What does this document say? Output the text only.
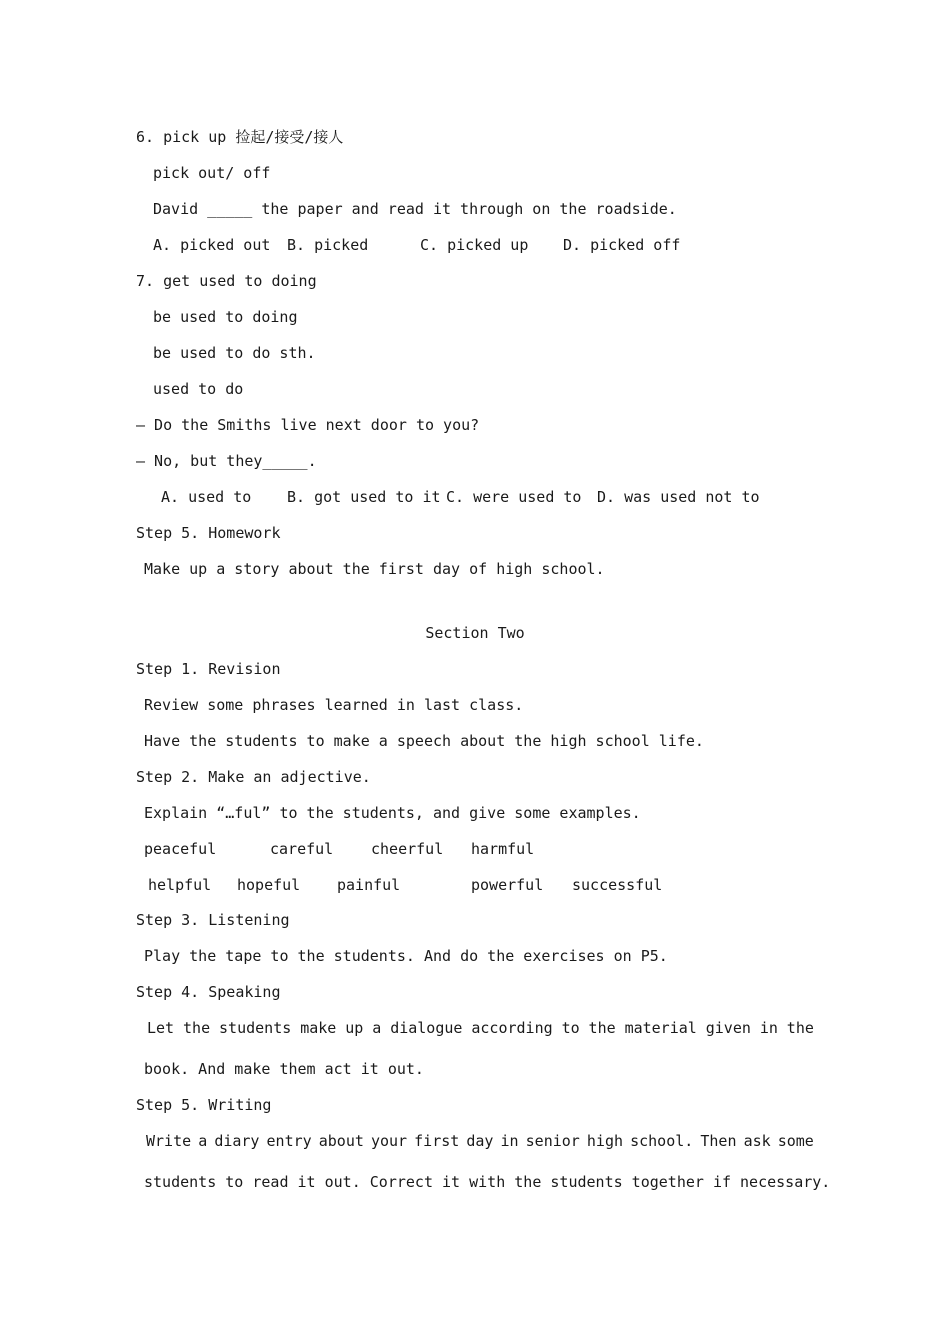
6. pick up 捡起/接受/接人
pick out/ off
David _____ the paper and read it through on the roadside.
A. picked out B. picked	C. picked up D. picked off
7. get used to doing
be used to doing
be used to do sth.
used to do
— Do the Smiths live next door to you?
— No, but they_____.
A. used to B. got used to it C. were used to D. was used not to
Step 5. Homework
Make up a story about the first day of high school.
Section Two
Step 1. Revision
Review some phrases learned in last class.
Have the students to make a speech about the high school life.
Step 2. Make an adjective.
Explain “…ful” to the students, and give some examples.
peaceful	careful	cheerful harmful
helpful hopeful painful	powerful successful
Step 3. Listening
Play the tape to the students. And do the exercises on P5.
Step 4. Speaking
Let the students make up a dialogue according to the material given in the
book. And make them act it out.
Step 5. Writing
Write a diary entry about your first day in senior high school. Then ask some
students to read it out. Correct it with the students together if necessary.
